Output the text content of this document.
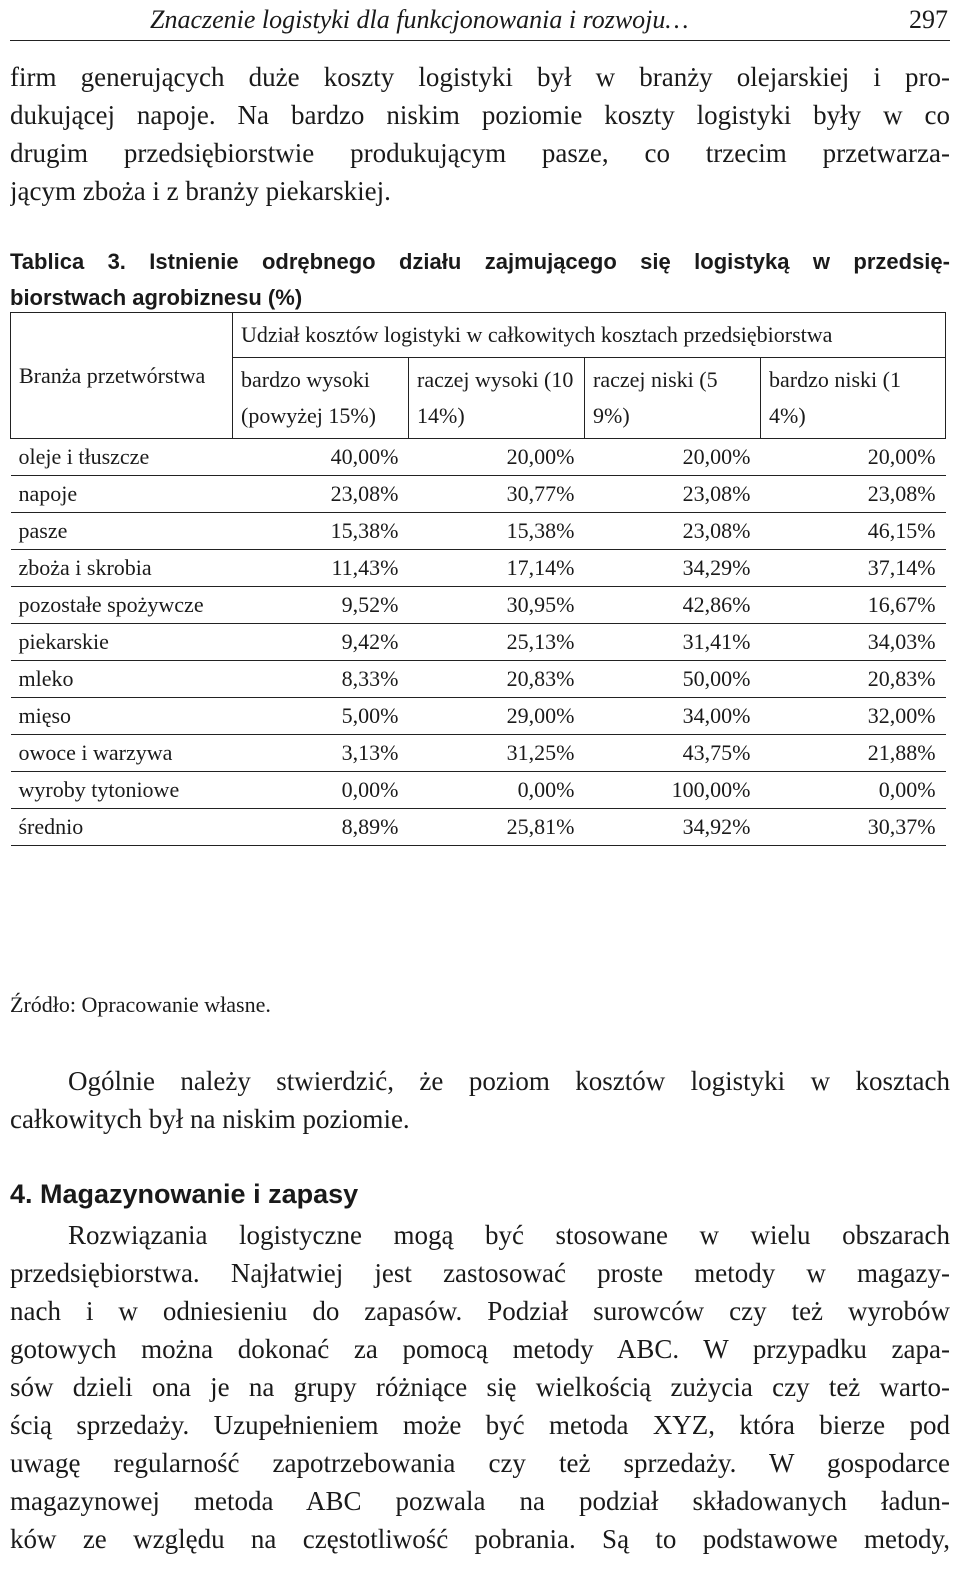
Znaczenie logistyki dla funkcjonowania i rozwoju…	297
firm generujących duże koszty logistyki był w branży olejarskiej i pro-
dukującej napoje. Na bardzo niskim poziomie koszty logistyki były w co
drugim przedsiębiorstwie produkującym pasze, co trzecim przetwarza-
jącym zboża i z branży piekarskiej.
Tablica 3. Istnienie odrębnego działu zajmującego się logistyką w przedsię-
biorstwach agrobiznesu (%)
Branża przetwórstwa	Udział kosztów logistyki w całkowitych kosztach przedsiębiorstwa			
	bardzo wysoki (powyżej 15%)	raczej wysoki (10 14%)	raczej niski (5 9%)	bardzo niski (1 4%)
oleje i tłuszcze	40,00%	20,00%	20,00%	20,00%
napoje	23,08%	30,77%	23,08%	23,08%
pasze	15,38%	15,38%	23,08%	46,15%
zboża i skrobia	11,43%	17,14%	34,29%	37,14%
pozostałe spożywcze	9,52%	30,95%	42,86%	16,67%
piekarskie	9,42%	25,13%	31,41%	34,03%
mleko	8,33%	20,83%	50,00%	20,83%
mięso	5,00%	29,00%	34,00%	32,00%
owoce i warzywa	3,13%	31,25%	43,75%	21,88%
wyroby tytoniowe	0,00%	0,00%	100,00%	0,00%
średnio	8,89%	25,81%	34,92%	30,37%
Źródło: Opracowanie własne.
Ogólnie należy stwierdzić, że poziom kosztów logistyki w kosztach
całkowitych był na niskim poziomie.
4. Magazynowanie i zapasy
Rozwiązania logistyczne mogą być stosowane w wielu obszarach
przedsiębiorstwa. Najłatwiej jest zastosować proste metody w magazy-
nach i w odniesieniu do zapasów. Podział surowców czy też wyrobów
gotowych można dokonać za pomocą metody ABC. W przypadku zapa-
sów dzieli ona je na grupy różniące się wielkością zużycia czy też warto-
ścią sprzedaży. Uzupełnieniem może być metoda XYZ, która bierze pod
uwagę regularność zapotrzebowania czy też sprzedaży. W gospodarce
magazynowej metoda ABC pozwala na podział składowanych ładun-
ków ze względu na częstotliwość pobrania. Są to podstawowe metody,
